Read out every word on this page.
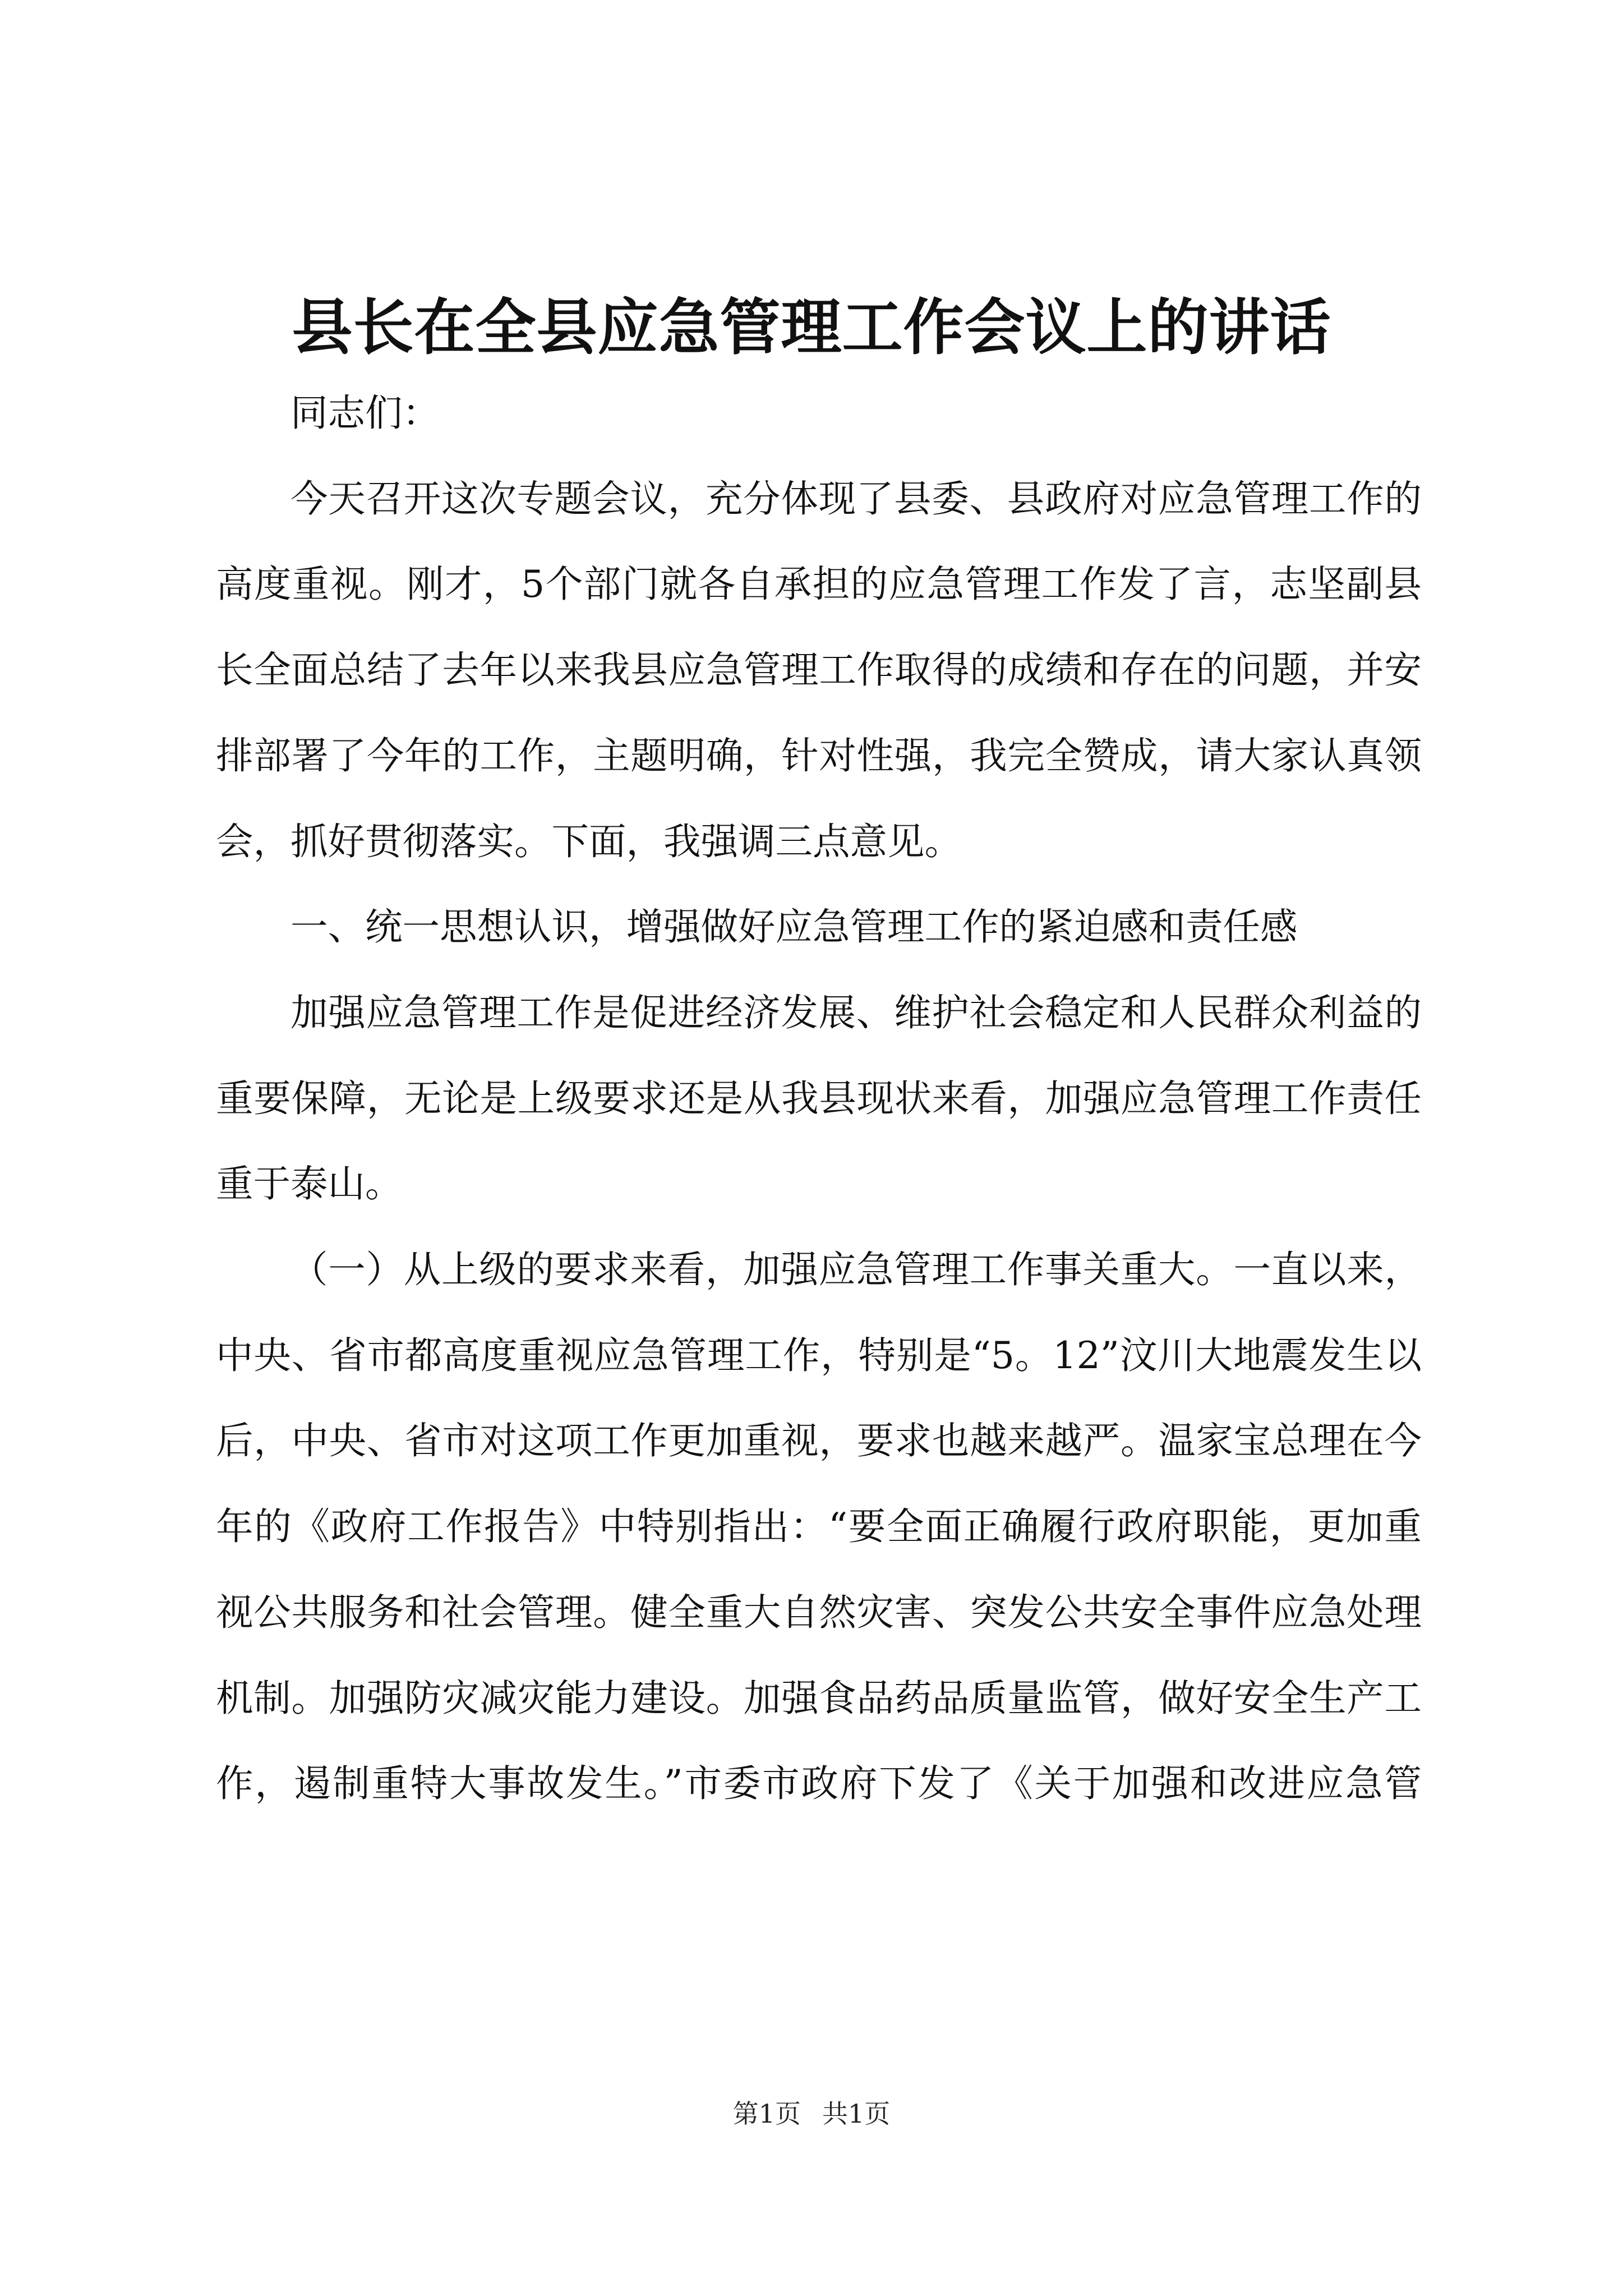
县长在全县应急管理工作会议上的讲话

同志们：

今天召开这次专题会议，充分体现了县委、县政府对应急管理工作的高度重视。刚才，5个部门就各自承担的应急管理工作发了言，志坚副县长全面总结了去年以来我县应急管理工作取得的成绩和存在的问题，并安排部署了今年的工作，主题明确，针对性强，我完全赞成，请大家认真领会，抓好贯彻落实。下面，我强调三点意见。

一、统一思想认识，增强做好应急管理工作的紧迫感和责任感

加强应急管理工作是促进经济发展、维护社会稳定和人民群众利益的重要保障，无论是上级要求还是从我县现状来看，加强应急管理工作责任重于泰山。

（一）从上级的要求来看，加强应急管理工作事关重大。一直以来，中央、省市都高度重视应急管理工作，特别是“5。12”汶川大地震发生以后，中央、省市对这项工作更加重视，要求也越来越严。温家宝总理在今年的《政府工作报告》中特别指出：“要全面正确履行政府职能，更加重视公共服务和社会管理。健全重大自然灾害、突发公共安全事件应急处理机制。加强防灾减灾能力建设。加强食品药品质量监管，做好安全生产工作，遏制重特大事故发生。”市委市政府下发了《关于加强和改进应急管

第1页 共1页
